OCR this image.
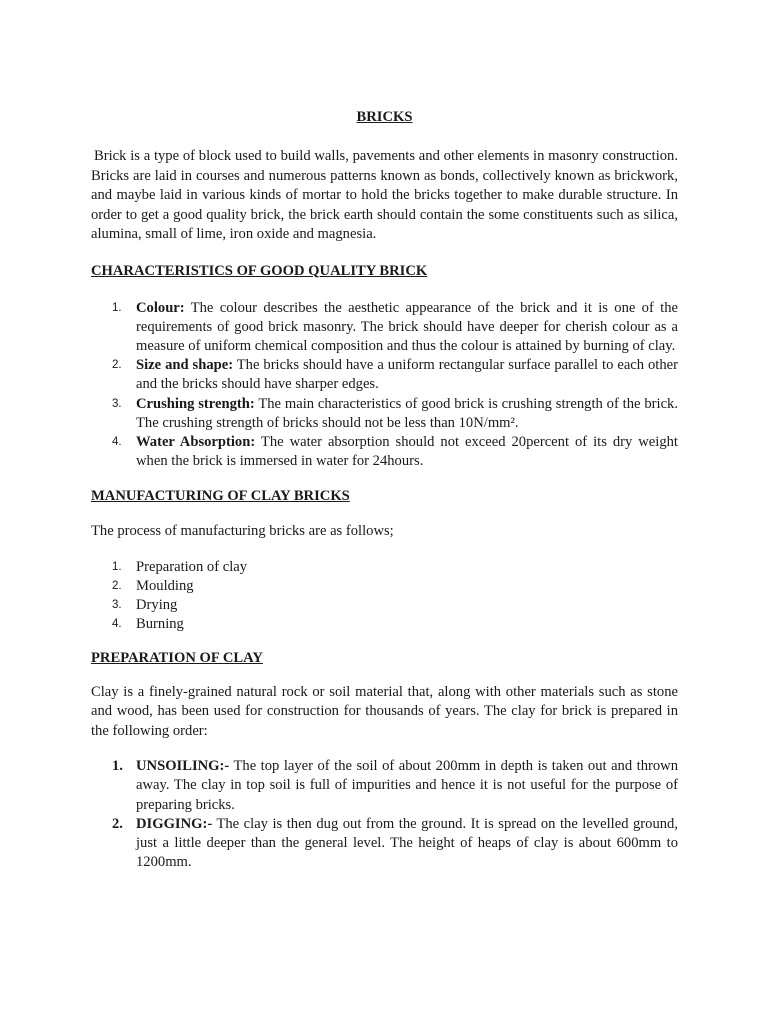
BRICKS

Brick is a type of block used to build walls, pavements and other elements in masonry construction. Bricks are laid in courses and numerous patterns known as bonds, collectively known as brickwork, and maybe laid in various kinds of mortar to hold the bricks together to make durable structure. In order to get a good quality brick, the brick earth should contain the some constituents such as silica, alumina, small of lime, iron oxide and magnesia.

CHARACTERISTICS OF GOOD QUALITY BRICK
1. Colour: The colour describes the aesthetic appearance of the brick and it is one of the requirements of good brick masonry. The brick should have deeper for cherish colour as a measure of uniform chemical composition and thus the colour is attained by burning of clay.
2. Size and shape: The bricks should have a uniform rectangular surface parallel to each other and the bricks should have sharper edges.
3. Crushing strength: The main characteristics of good brick is crushing strength of the brick. The crushing strength of bricks should not be less than 10N/mm².
4. Water Absorption: The water absorption should not exceed 20percent of its dry weight when the brick is immersed in water for 24hours.
MANUFACTURING OF CLAY BRICKS

The process of manufacturing bricks are as follows;

1. Preparation of clay
2. Moulding
3. Drying
4. Burning
PREPARATION OF CLAY

Clay is a finely-grained natural rock or soil material that, along with other materials such as stone and wood, has been used for construction for thousands of years. The clay for brick is prepared in the following order:

1. UNSOILING:- The top layer of the soil of about 200mm in depth is taken out and thrown away. The clay in top soil is full of impurities and hence it is not useful for the purpose of preparing bricks.
2. DIGGING:- The clay is then dug out from the ground. It is spread on the levelled ground, just a little deeper than the general level. The height of heaps of clay is about 600mm to 1200mm.
